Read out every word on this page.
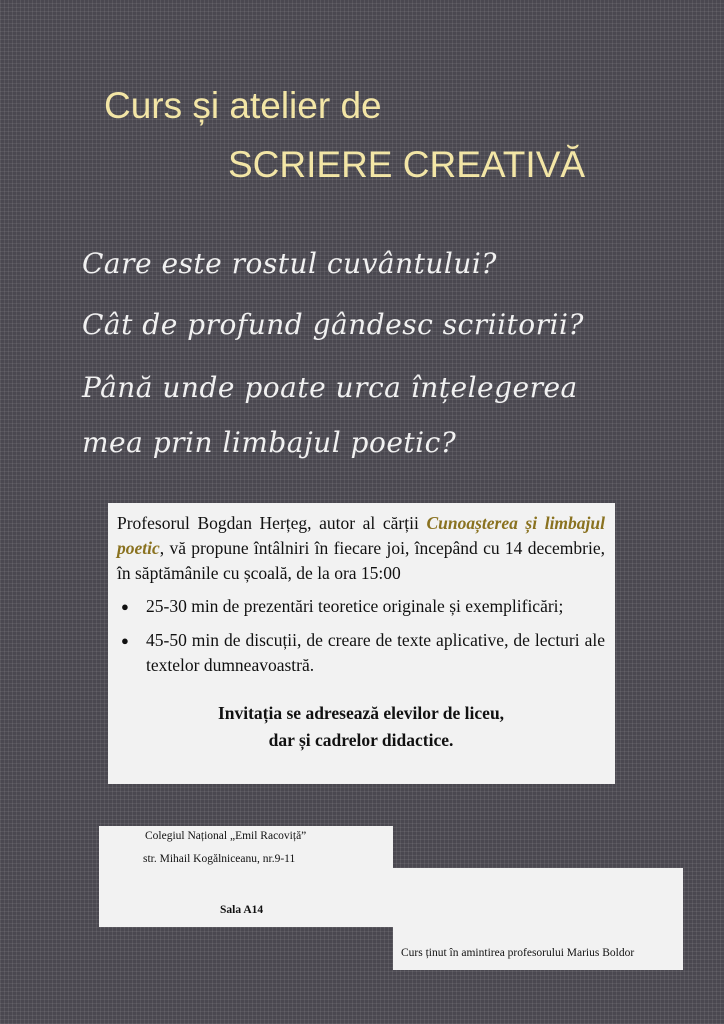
Curs și atelier de
SCRIERE CREATIVĂ
Care este rostul cuvântului?
Cât de profund gândesc scriitorii?
Până unde poate urca înțelegerea
mea prin limbajul poetic?

Profesorul Bogdan Herțeg, autor al cărții Cunoașterea și limbajul poetic, vă propune întâlniri în fiecare joi, începând cu 14 decembrie, în săptămânile cu școală, de la ora 15:00

● 25-30 min de prezentări teoretice originale și exemplificări;
● 45-50 min de discuții, de creare de texte aplicative, de lecturi ale textelor dumneavoastră.
Invitația se adresează elevilor de liceu,
dar și cadrelor didactice.
Colegiul Național „Emil Racoviță”
str. Mihail Kogălniceanu, nr.9-11
Sala A14
Curs ținut în amintirea profesorului Marius Boldor
